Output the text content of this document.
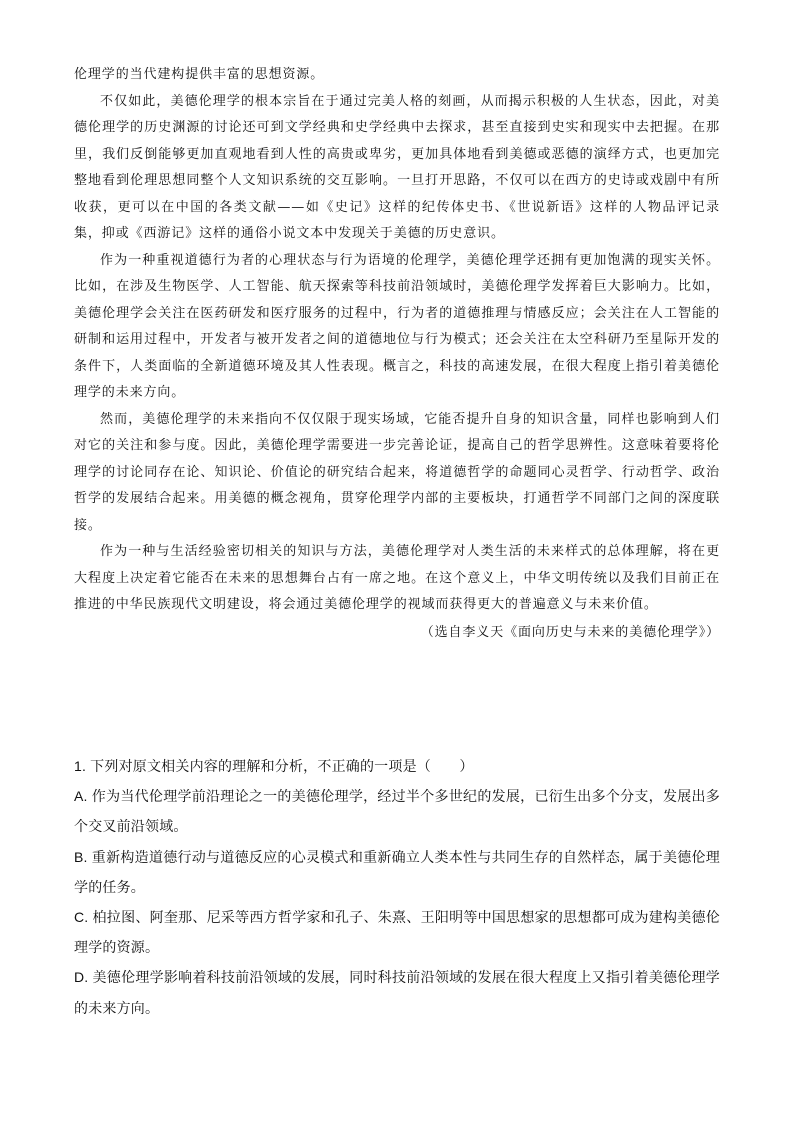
伦理学的当代建构提供丰富的思想资源。

不仅如此，美德伦理学的根本宗旨在于通过完美人格的刻画，从而揭示积极的人生状态，因此，对美德伦理学的历史渊源的讨论还可到文学经典和史学经典中去探求，甚至直接到史实和现实中去把握。在那里，我们反倒能够更加直观地看到人性的高贵或卑劣，更加具体地看到美德或恶德的演绎方式，也更加完整地看到伦理思想同整个人文知识系统的交互影响。一旦打开思路，不仅可以在西方的史诗或戏剧中有所收获，更可以在中国的各类文献——如《史记》这样的纪传体史书、《世说新语》这样的人物品评记录集，抑或《西游记》这样的通俗小说文本中发现关于美德的历史意识。

作为一种重视道德行为者的心理状态与行为语境的伦理学，美德伦理学还拥有更加饱满的现实关怀。比如，在涉及生物医学、人工智能、航天探索等科技前沿领域时，美德伦理学发挥着巨大影响力。比如，美德伦理学会关注在医药研发和医疗服务的过程中，行为者的道德推理与情感反应；会关注在人工智能的研制和运用过程中，开发者与被开发者之间的道德地位与行为模式；还会关注在太空科研乃至星际开发的条件下，人类面临的全新道德环境及其人性表现。概言之，科技的高速发展，在很大程度上指引着美德伦理学的未来方向。

然而，美德伦理学的未来指向不仅仅限于现实场域，它能否提升自身的知识含量，同样也影响到人们对它的关注和参与度。因此，美德伦理学需要进一步完善论证，提高自己的哲学思辨性。这意味着要将伦理学的讨论同存在论、知识论、价值论的研究结合起来，将道德哲学的命题同心灵哲学、行动哲学、政治哲学的发展结合起来。用美德的概念视角，贯穿伦理学内部的主要板块，打通哲学不同部门之间的深度联接。

作为一种与生活经验密切相关的知识与方法，美德伦理学对人类生活的未来样式的总体理解，将在更大程度上决定着它能否在未来的思想舞台占有一席之地。在这个意义上，中华文明传统以及我们目前正在推进的中华民族现代文明建设，将会通过美德伦理学的视域而获得更大的普遍意义与未来价值。

（选自李义天《面向历史与未来的美德伦理学》）

1. 下列对原文相关内容的理解和分析，不正确的一项是（　　）

A. 作为当代伦理学前沿理论之一的美德伦理学，经过半个多世纪的发展，已衍生出多个分支，发展出多个交叉前沿领域。

B. 重新构造道德行动与道德反应的心灵模式和重新确立人类本性与共同生存的自然样态，属于美德伦理学的任务。

C. 柏拉图、阿奎那、尼采等西方哲学家和孔子、朱熹、王阳明等中国思想家的思想都可成为建构美德伦理学的资源。

D. 美德伦理学影响着科技前沿领域的发展，同时科技前沿领域的发展在很大程度上又指引着美德伦理学的未来方向。
